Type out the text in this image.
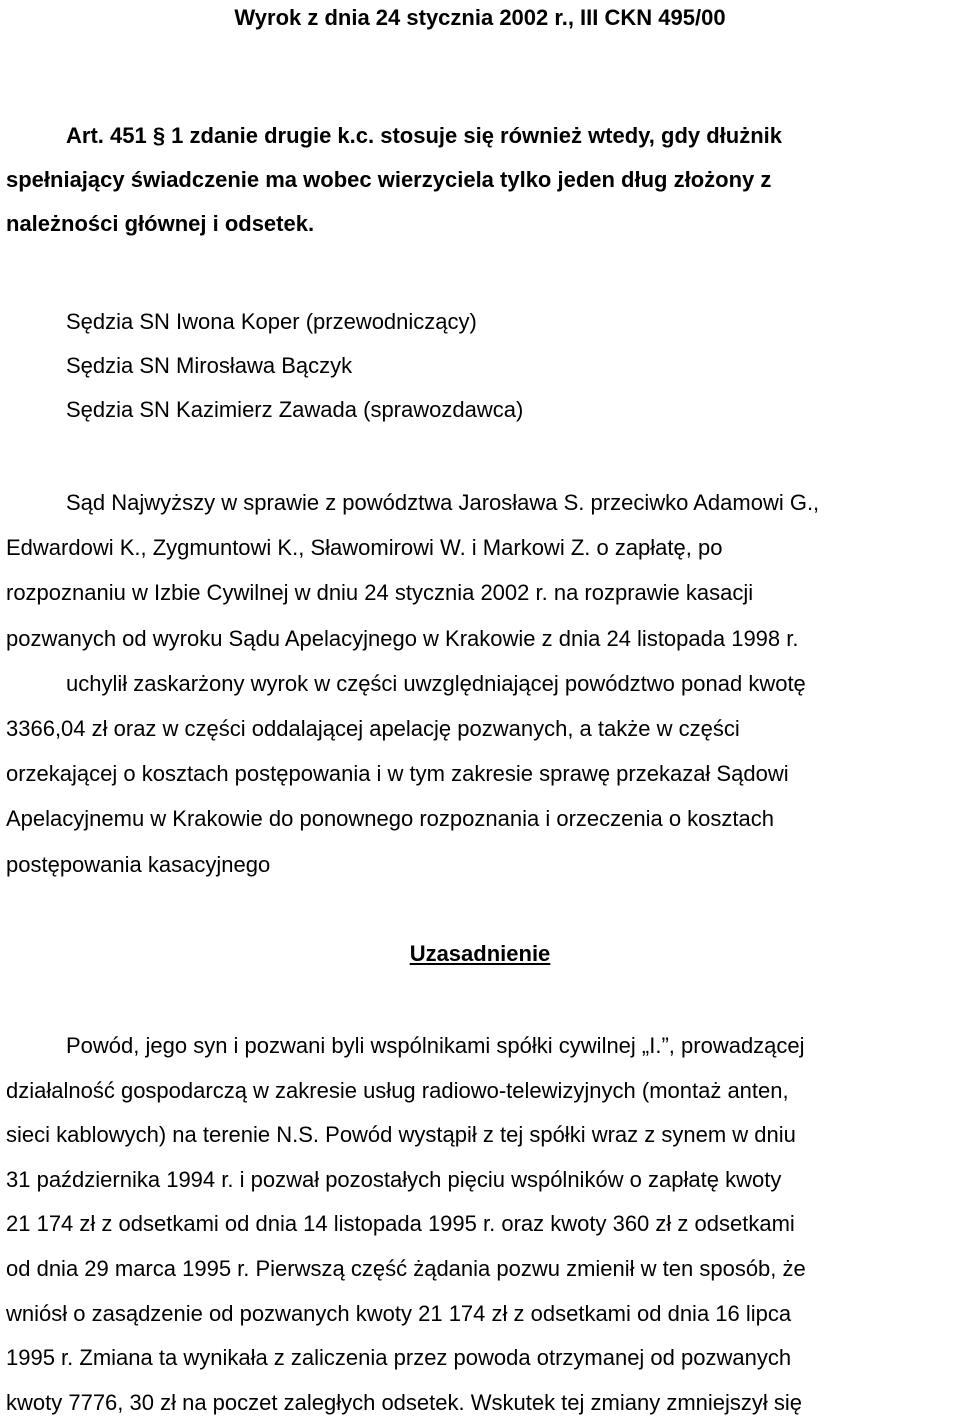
Wyrok z dnia 24 stycznia 2002 r., III CKN 495/00
Art. 451 § 1 zdanie drugie k.c. stosuje się również wtedy, gdy dłużnik
spełniający świadczenie ma wobec wierzyciela tylko jeden dług złożony z
należności głównej i odsetek.
Sędzia SN Iwona Koper (przewodniczący)
Sędzia SN Mirosława Bączyk
Sędzia SN Kazimierz Zawada (sprawozdawca)
Sąd Najwyższy w sprawie z powództwa Jarosława S. przeciwko Adamowi G.,
Edwardowi K., Zygmuntowi K., Sławomirowi W. i Markowi Z. o zapłatę, po
rozpoznaniu w Izbie Cywilnej w dniu 24 stycznia 2002 r. na rozprawie kasacji
pozwanych od wyroku Sądu Apelacyjnego w Krakowie z dnia 24 listopada 1998 r.
uchylił zaskarżony wyrok w części uwzględniającej powództwo ponad kwotę
3366,04 zł oraz w części oddalającej apelację pozwanych, a także w części
orzekającej o kosztach postępowania i w tym zakresie sprawę przekazał Sądowi
Apelacyjnemu w Krakowie do ponownego rozpoznania i orzeczenia o kosztach
postępowania kasacyjnego
Uzasadnienie
Powód, jego syn i pozwani byli wspólnikami spółki cywilnej „I.”, prowadzącej
działalność gospodarczą w zakresie usług radiowo-telewizyjnych (montaż anten,
sieci kablowych) na terenie N.S. Powód wystąpił z tej spółki wraz z synem w dniu
31 października 1994 r. i pozwał pozostałych pięciu wspólników o zapłatę kwoty
21 174 zł z odsetkami od dnia 14 listopada 1995 r. oraz kwoty 360 zł z odsetkami
od dnia 29 marca 1995 r. Pierwszą część żądania pozwu zmienił w ten sposób, że
wniósł o zasądzenie od pozwanych kwoty 21 174 zł z odsetkami od dnia 16 lipca
1995 r. Zmiana ta wynikała z zaliczenia przez powoda otrzymanej od pozwanych
kwoty 7776, 30 zł na poczet zaległych odsetek. Wskutek tej zmiany zmniejszył się
